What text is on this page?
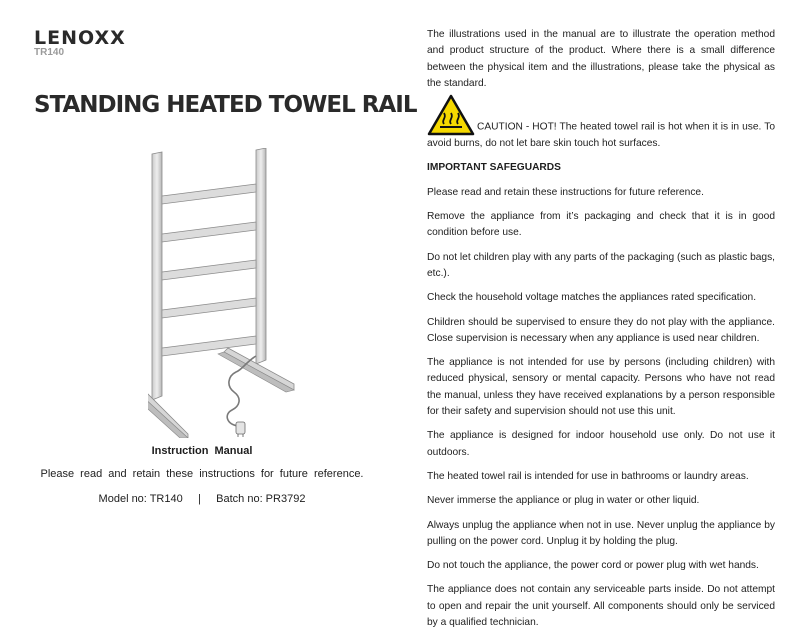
LENOXX
TR140
STANDING HEATED TOWEL RAIL
Instruction Manual
Please read and retain these instructions for future reference.
Model no: TR140     |     Batch no: PR3792

The illustrations used in the manual are to illustrate the operation method and product structure of the product. Where there is a small difference between the physical item and the illustrations, please take the physical as the standard.

CAUTION - HOT! The heated towel rail is hot when it is in use. To avoid burns, do not let bare skin touch hot surfaces.

IMPORTANT SAFEGUARDS

Please read and retain these instructions for future reference.

Remove the appliance from it’s packaging and check that it is in good condition before use.

Do not let children play with any parts of the packaging (such as plastic bags, etc.).

Check the household voltage matches the appliances rated specification.

Children should be supervised to ensure they do not play with the appliance. Close supervision is necessary when any appliance is used near children.

The appliance is not intended for use by persons (including children) with reduced physical, sensory or mental capacity. Persons who have not read the manual, unless they have received explanations by a person responsible for their safety and supervision should not use this unit.

The appliance is designed for indoor household use only. Do not use it outdoors.

The heated towel rail is intended for use in bathrooms or laundry areas.

Never immerse the appliance or plug in water or other liquid.

Always unplug the appliance when not in use. Never unplug the appliance by pulling on the power cord. Unplug it by holding the plug.

Do not touch the appliance, the power cord or power plug with wet hands.

The appliance does not contain any serviceable parts inside. Do not attempt to open and repair the unit yourself. All components should only be serviced by a qualified technician.
